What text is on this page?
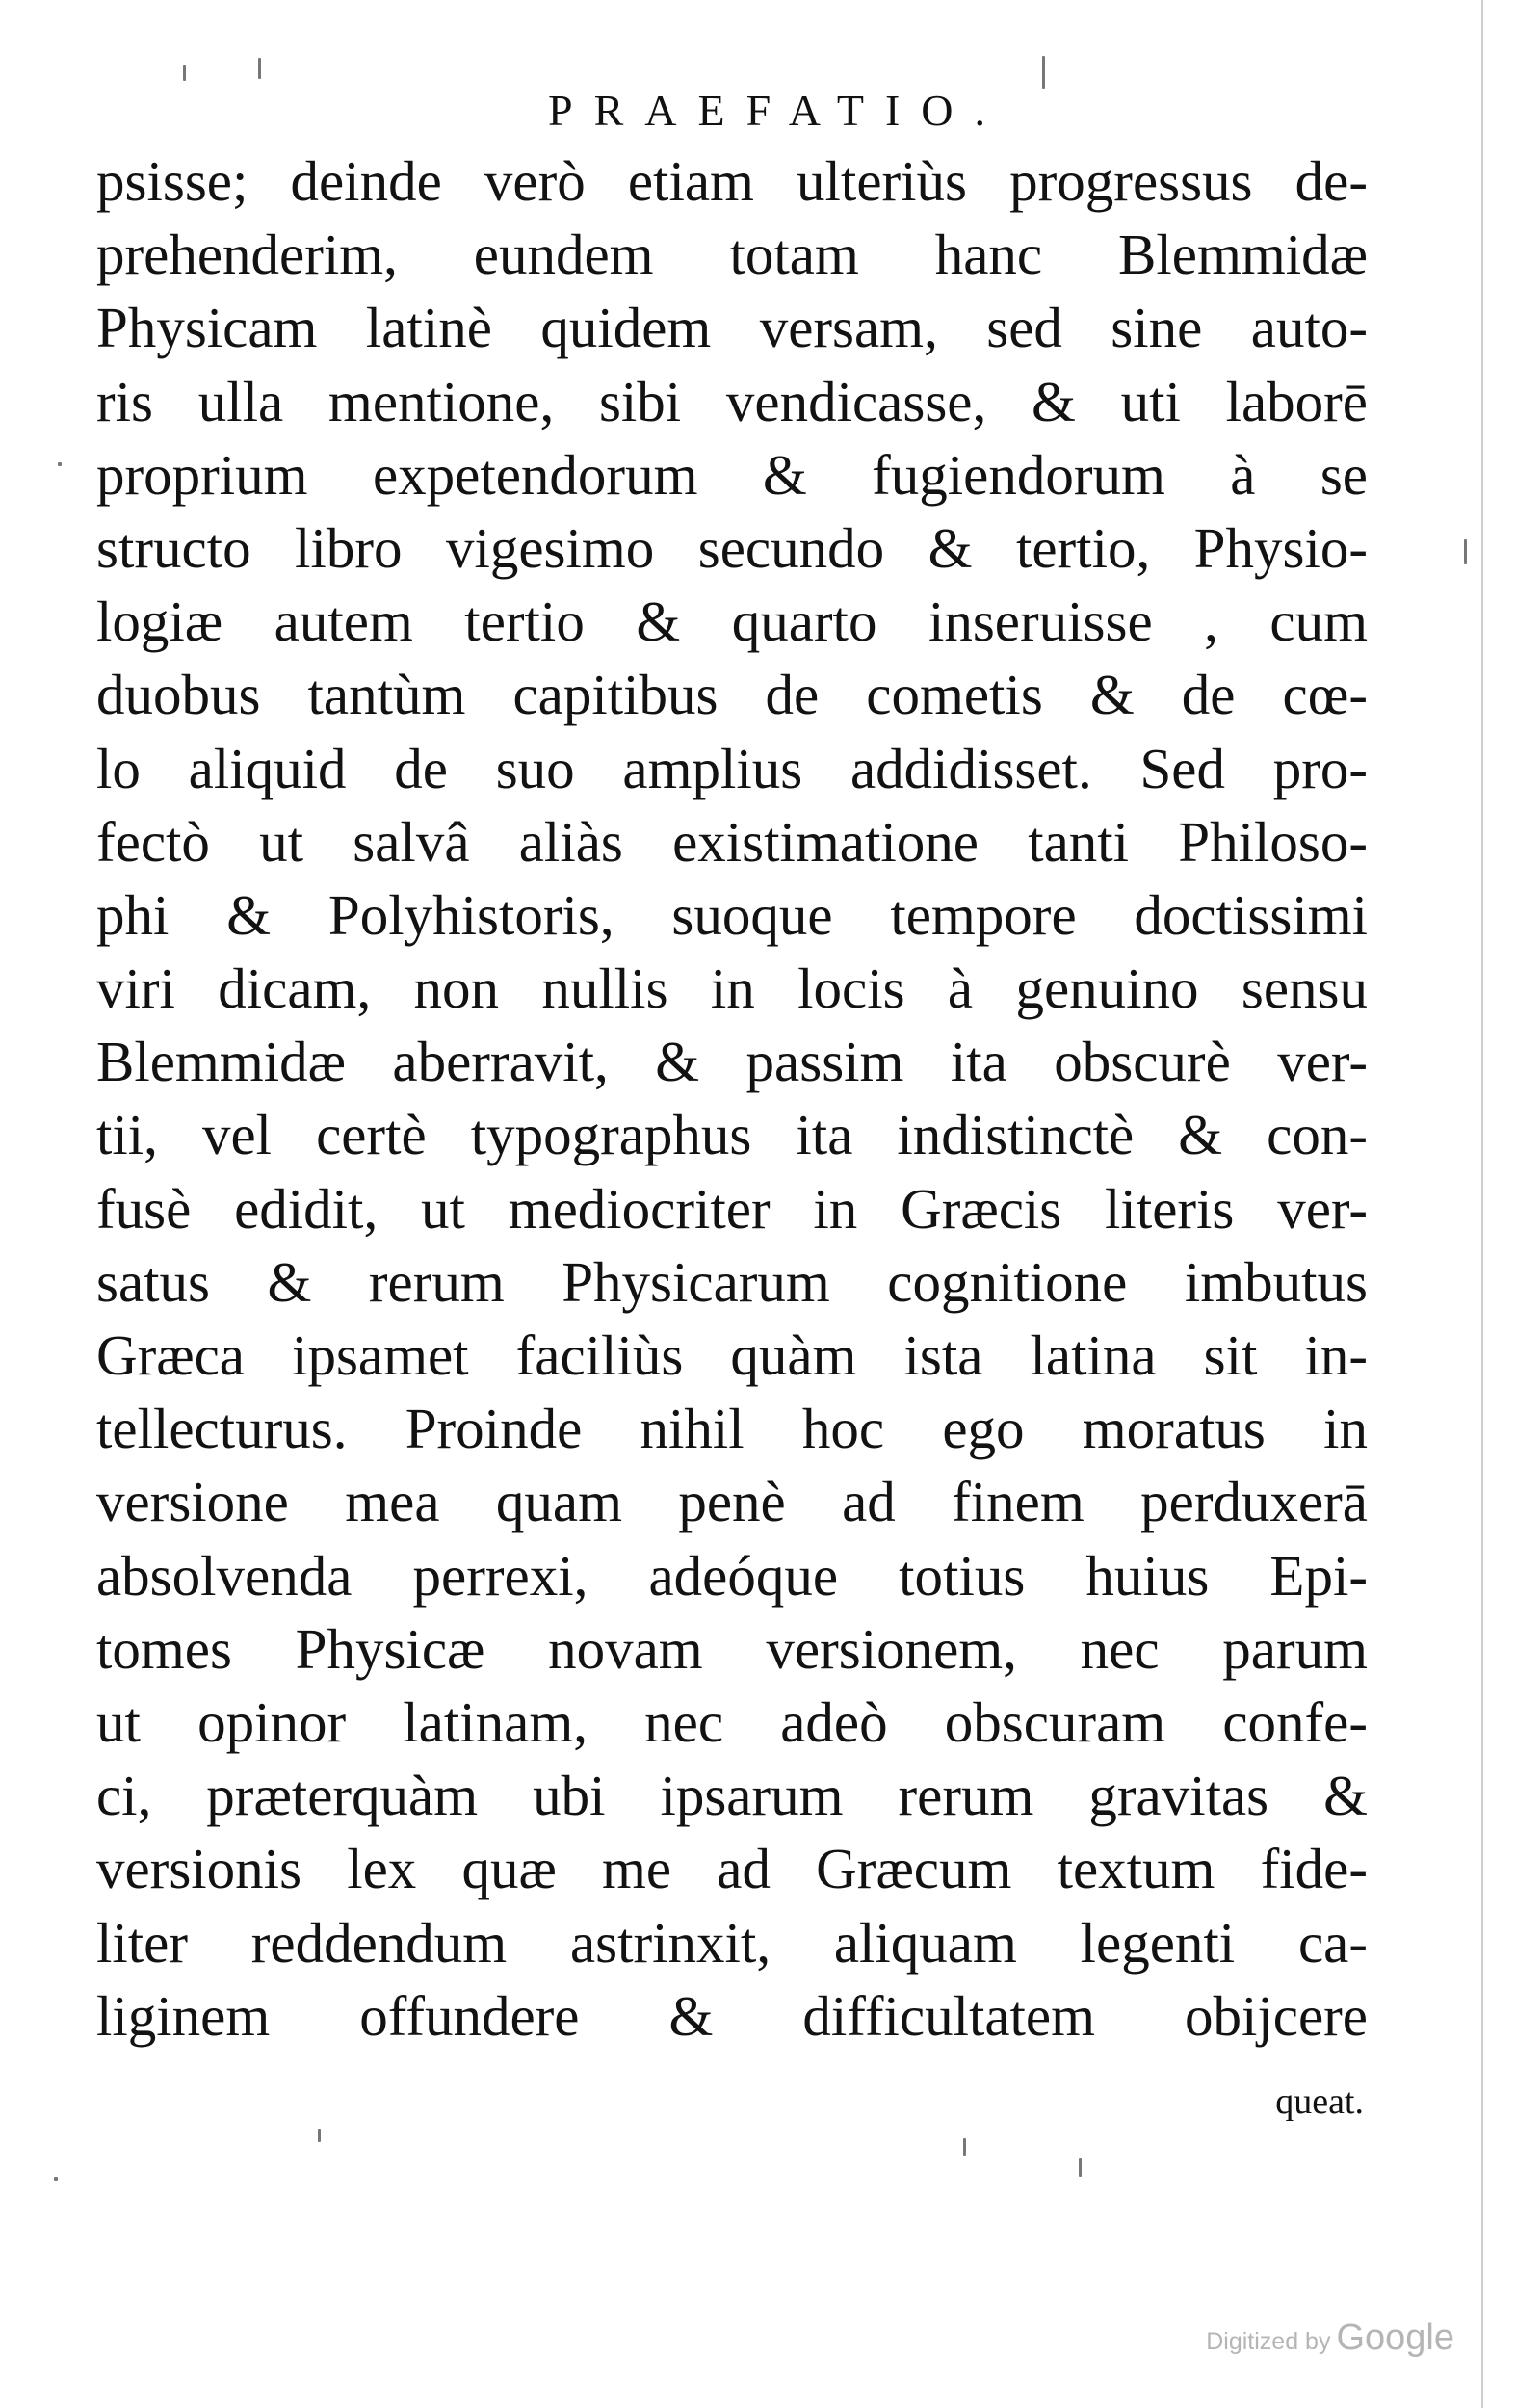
PRAEFATIO.
psisse; deinde verò etiam ulteriùs progressus de-
prehenderim, eundem totam hanc Blemmidæ
Physicam latinè quidem versam, sed sine auto-
ris ulla mentione, sibi vendicasse, & uti laborē
proprium expetendorum & fugiendorum à se
structo libro vigesimo secundo & tertio, Physio-
logiæ autem tertio & quarto inseruisse , cum
duobus tantùm capitibus de cometis & de cœ-
lo aliquid de suo amplius addidisset. Sed pro-
fectò ut salvâ aliàs existimatione tanti Philoso-
phi & Polyhistoris, suoque tempore doctissimi
viri dicam, non nullis in locis à genuino sensu
Blemmidæ aberravit, & passim ita obscurè ver-
tii, vel certè typographus ita indistinctè & con-
fusè edidit, ut mediocriter in Græcis literis ver-
satus & rerum Physicarum cognitione imbutus
Græca ipsamet faciliùs quàm ista latina sit in-
tellecturus. Proinde nihil hoc ego moratus in
versione mea quam penè ad finem perduxerā
absolvenda perrexi, adeóque totius huius Epi-
tomes Physicæ novam versionem, nec parum
ut opinor latinam, nec adeò obscuram confe-
ci, præterquàm ubi ipsarum rerum gravitas &
versionis lex quæ me ad Græcum textum fide-
liter reddendum astrinxit, aliquam legenti ca-
liginem offundere & difficultatem obijcere
queat.
Digitized by Google
